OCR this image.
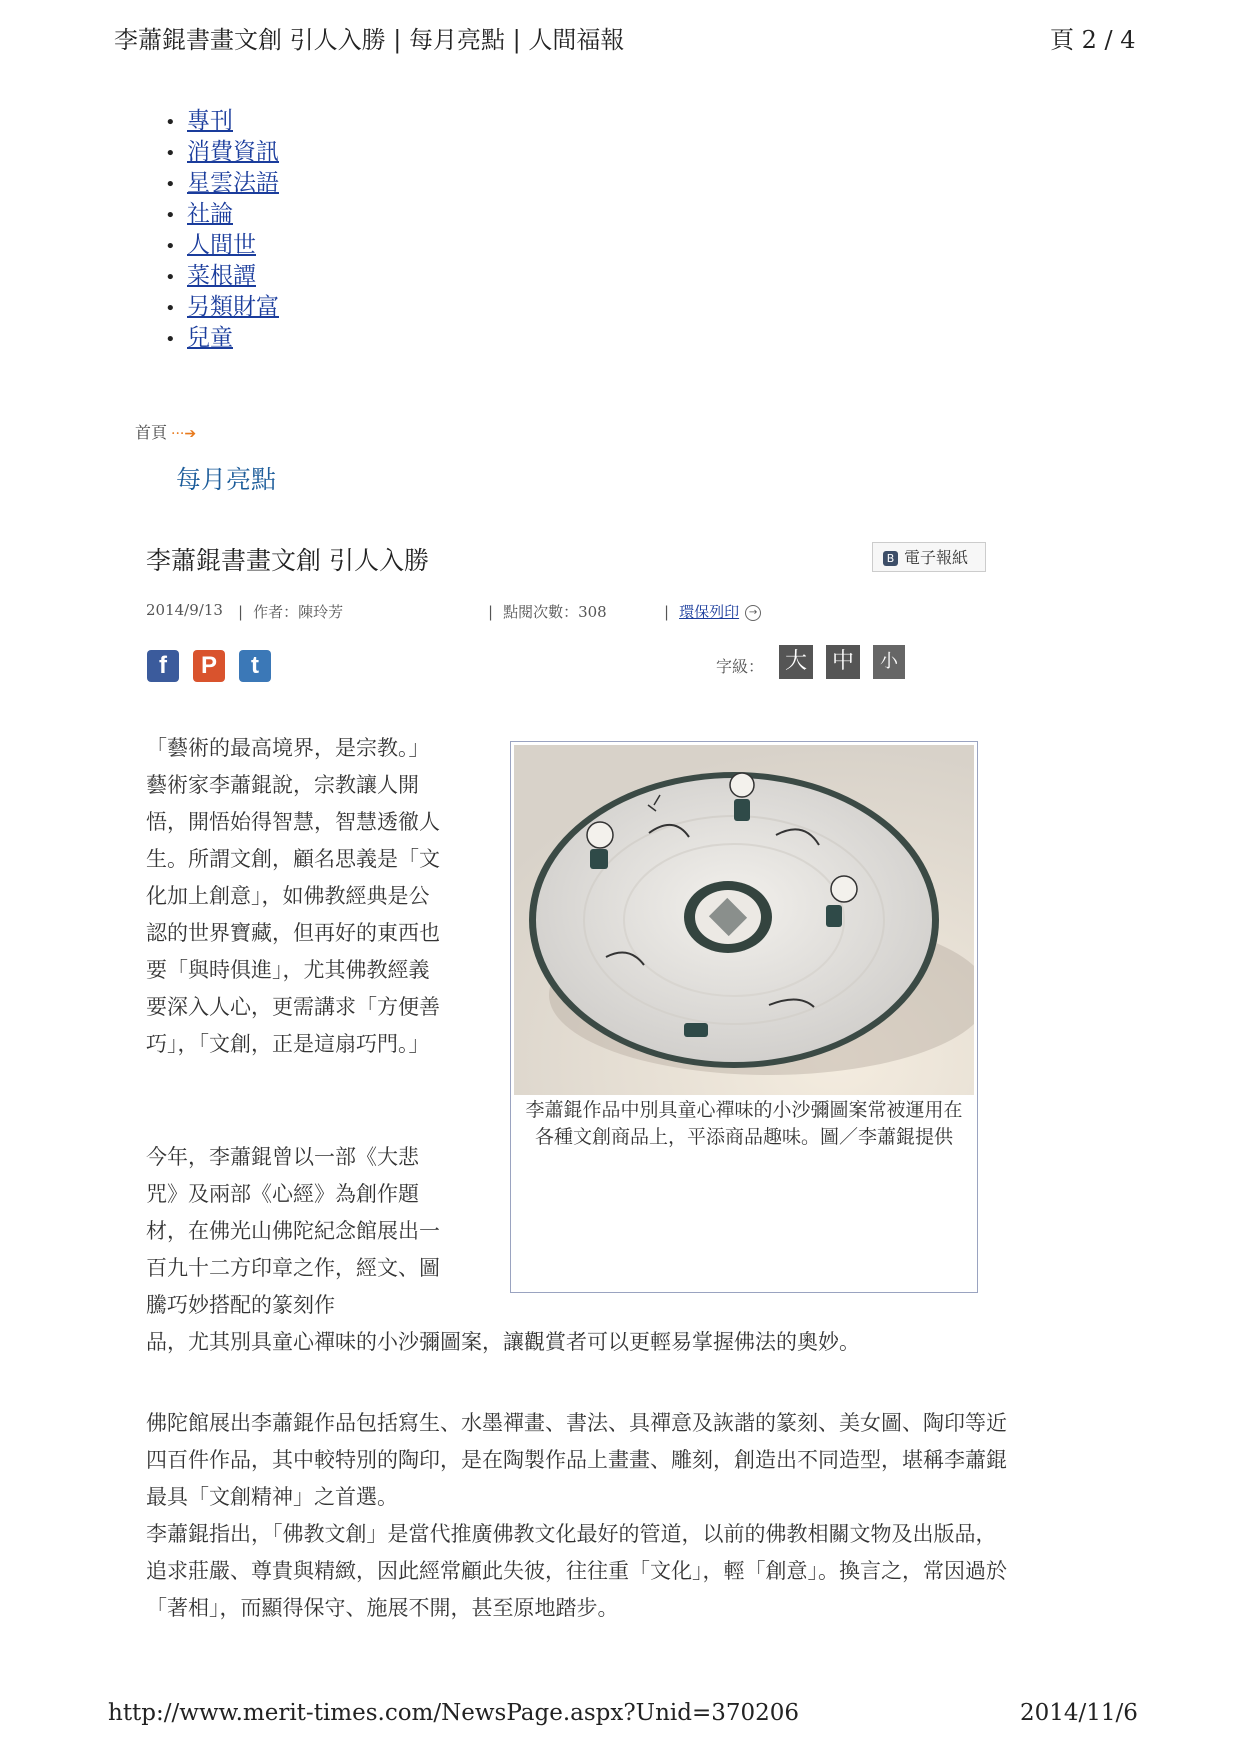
李蕭錕書畫文創 引人入勝 | 每月亮點 | 人間福報	頁 2 / 4
• 專刊
• 消費資訊
• 星雲法語
• 社論
• 人間世
• 菜根譚
• 另類財富
• 兒童
首頁 ···➔
每月亮點
李蕭錕書畫文創 引人入勝	B 電子報紙
2014/9/13 | 作者：陳玲芳	| 點閱次數：308	| 環保列印 →
f	P	t	字級： 大 中	小
「藝術的最高境界，是宗教。」藝術家李蕭錕說，宗教讓人開悟，開悟始得智慧，智慧透徹人生。所謂文創，顧名思義是「文化加上創意」，如佛教經典是公認的世界寶藏，但再好的東西也要「與時俱進」，尤其佛教經義要深入人心，更需講求「方便善巧」，「文創，正是這扇巧門。」
李蕭錕作品中別具童心禪味的小沙彌圖案常被運用在各種文創商品上，平添商品趣味。圖／李蕭錕提供
今年，李蕭錕曾以一部《大悲咒》及兩部《心經》為創作題材，在佛光山佛陀紀念館展出一百九十二方印章之作，經文、圖騰巧妙搭配的篆刻作
品，尤其別具童心禪味的小沙彌圖案，讓觀賞者可以更輕易掌握佛法的奧妙。
佛陀館展出李蕭錕作品包括寫生、水墨禪畫、書法、具禪意及詼諧的篆刻、美女圖、陶印等近四百件作品，其中較特別的陶印，是在陶製作品上畫畫、雕刻，創造出不同造型，堪稱李蕭錕最具「文創精神」之首選。
李蕭錕指出，「佛教文創」是當代推廣佛教文化最好的管道，以前的佛教相關文物及出版品，追求莊嚴、尊貴與精緻，因此經常顧此失彼，往往重「文化」，輕「創意」。換言之，常因過於「著相」，而顯得保守、施展不開，甚至原地踏步。
http://www.merit-times.com/NewsPage.aspx?Unid=370206	2014/11/6
